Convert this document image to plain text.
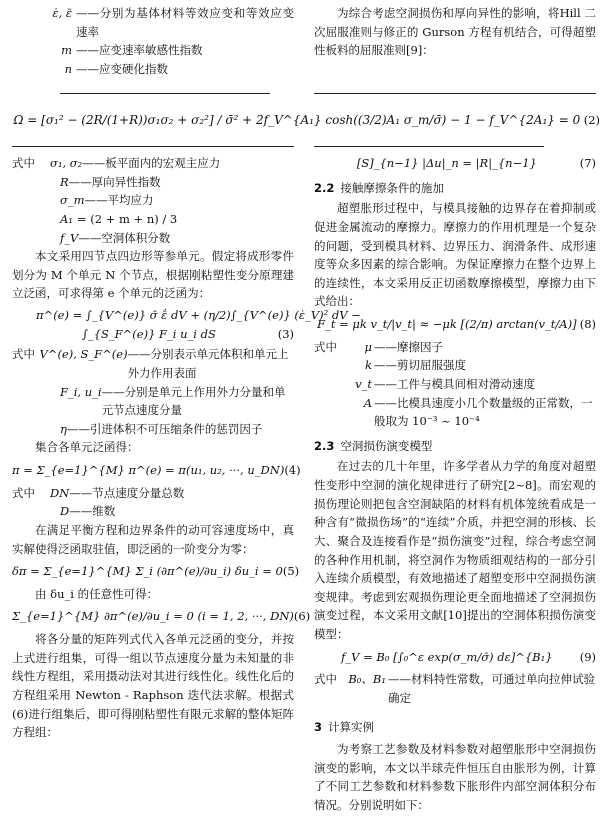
ε̇, ε̄ ——分别为基体材料等效应变和等效应变速率
m ——应变速率敏感性指数
n ——应变硬化指数

为综合考虑空洞损伤和厚向异性的影响，将Hill 二次屈服准则与修正的 Gurson 方程有机结合，可得超塑性板料的屈服准则[9]：

Ω = [σ₁² − (2R/(1+R))σ₁σ₂ + σ₂²] / σ̄² + 2f_V^{A₁} cosh((3/2)A₁ σ_m/σ̄) − 1 − f_V^{2A₁} = 0 (2)
式中	σ₁, σ₂ ——板平面内的宏观主应力
R ——厚向异性指数
σ_m ——平均应力
A₁ = (2 + m + n) / 3
f_V ——空洞体积分数

本文采用四节点四边形等参单元。假定将成形零件划分为 M 个单元 N 个节点，根据刚粘塑性变分原理建立泛函，可求得第 e 个单元的泛函为：

π^(e) = ∫_{V^(e)} σ̄ ε̄̇ dV + (η/2)∫_{V^(e)} (ε̇_V)² dV −
∫_{S_F^(e)} F_i u_i dS	(3)
式中 V^(e), S_F^(e) ——分别表示单元体积和单元上外力作用表面
F_i, u_i ——分别是单元上作用外力分量和单元节点速度分量
η ——引进体积不可压缩条件的惩罚因子

集合各单元泛函得：

π = Σ_{e=1}^{M} π^(e) = π(u₁, u₂, ···, u_DN) (4)
式中	DN ——节点速度分量总数
D ——维数

在满足平衡方程和边界条件的动可容速度场中，真实解使得泛函取驻值，即泛函的一阶变分为零：

δπ = Σ_{e=1}^{M} Σ_i (∂π^(e)/∂u_i) δu_i = 0 (5)

由 δu_i 的任意性可得：

Σ_{e=1}^{M} ∂π^(e)/∂u_i = 0 (i = 1, 2, ···, DN) (6)

将各分量的矩阵列式代入各单元泛函的变分，并按上式进行组集，可得一组以节点速度分量为未知量的非线性方程组，采用摄动法对其进行线性化。线性化后的方程组采用 Newton - Raphson 迭代法求解。根据式(6)进行组集后，即可得刚粘塑性有限元求解的整体矩阵方程组：

[S]_{n−1} |Δu|_n = |R|_{n−1}	(7)
2.2 接触摩擦条件的施加

超塑胀形过程中，与模具接触的边界存在着抑制或促进金属流动的摩擦力。摩擦力的作用机理是一个复杂的问题，受到模具材料、边界压力、润滑条件、成形速度等众多因素的综合影响。为保证摩擦力在整个边界上的连续性，本文采用反正切函数摩擦模型，摩擦力由下式给出：

F_t = μk v_t/|v_t| ≈ −μk [(2/π) arctan(v_t/A)] (8)
式中	μ ——摩擦因子
k ——剪切屈服强度
v_t ——工件与模具间相对滑动速度
A ——比模具速度小几个数量级的正常数，一般取为 10⁻³ ~ 10⁻⁴
2.3 空洞损伤演变模型

在过去的几十年里，许多学者从力学的角度对超塑性变形中空洞的演化规律进行了研究[2~8]。而宏观的损伤理论则把包含空洞缺陷的材料有机体笼统看成是一种含有“微损伤场”的“连续”介质，并把空洞的形核、长大、聚合及连接看作是“损伤演变”过程，综合考虑空洞的各种作用机制，将空洞作为物质细观结构的一部分引入连续介质模型，有效地描述了超塑变形中空洞损伤演变规律。考虑到宏观损伤理论更全面地描述了空洞损伤演变过程，本文采用文献[10]提出的空洞体积损伤演变模型：

f_V = B₀ [∫₀^ε exp(σ_m/σ̄) dε]^{B₁}	(9)
式中 B₀、B₁ ——材料特性常数，可通过单向拉伸试验确定
3 计算实例

为考察工艺参数及材料参数对超塑胀形中空洞损伤演变的影响，本文以半球壳件恒压自由胀形为例，计算了不同工艺参数和材料参数下胀形件内部空洞体积分布情况。分别说明如下：
